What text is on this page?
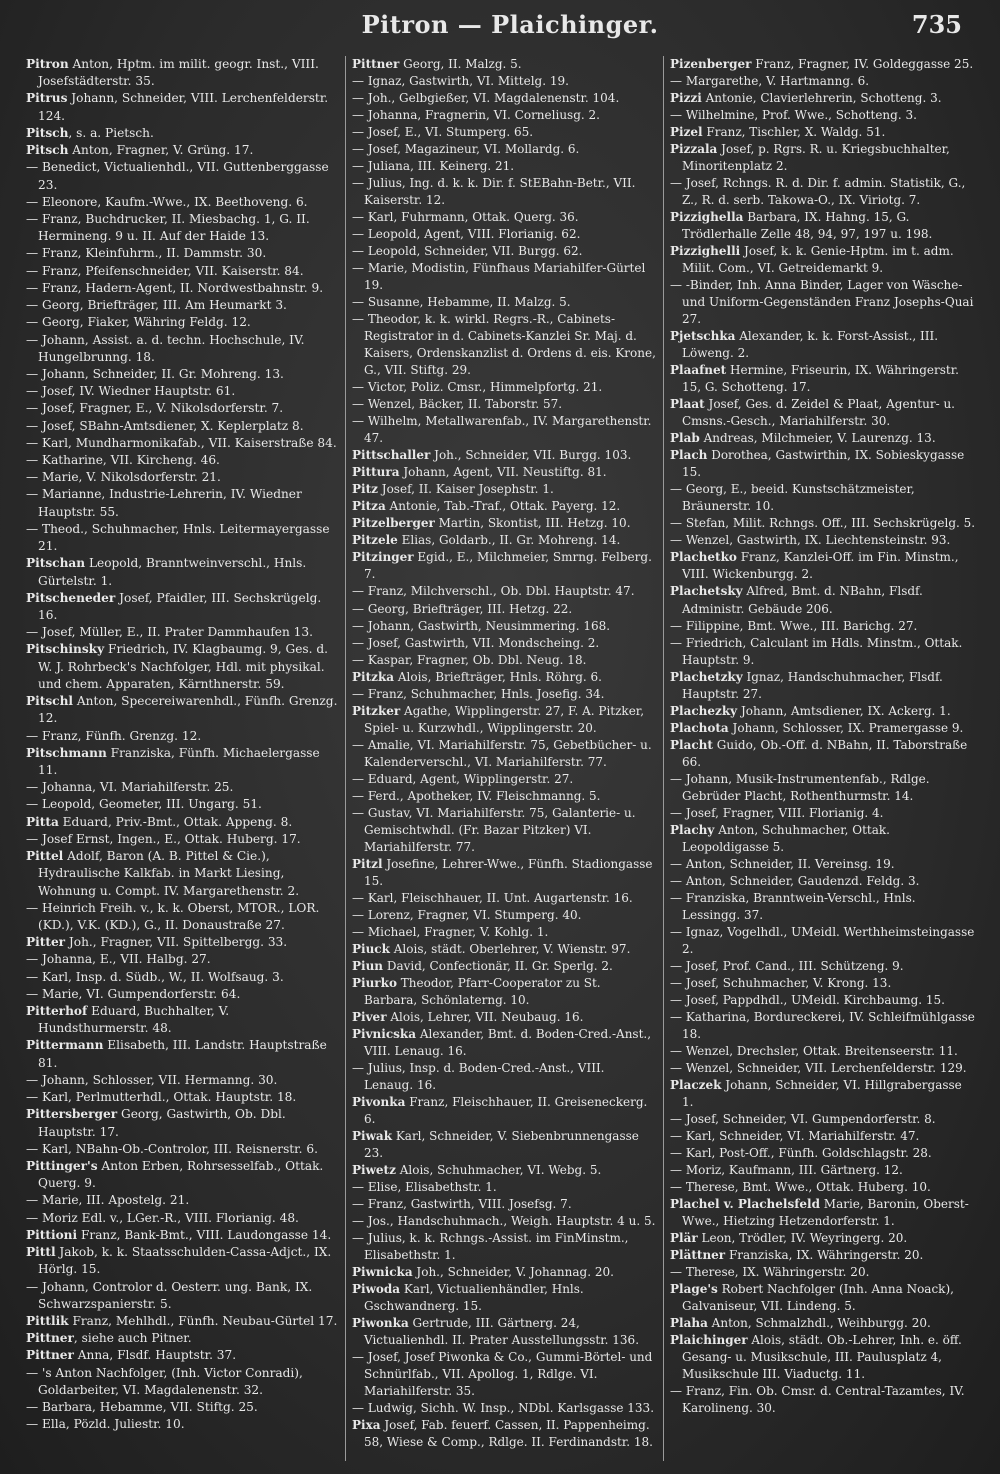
Pitron — Plaichinger.	735

Pitron Anton, Hptm. im milit. geogr. Inst., VIII. Josefstädterstr. 35.

Pitrus Johann, Schneider, VIII. Lerchenfelderstr. 124.

Pitsch, s. a. Pietsch.

Pitsch Anton, Fragner, V. Grüng. 17.

— Benedict, Victualienhdl., VII. Guttenberggasse 23.

— Eleonore, Kaufm.-Wwe., IX. Beethoveng. 6.

— Franz, Buchdrucker, II. Miesbachg. 1, G. II. Hermineng. 9 u. II. Auf der Haide 13.

— Franz, Kleinfuhrm., II. Dammstr. 30.

— Franz, Pfeifenschneider, VII. Kaiserstr. 84.

— Franz, Hadern-Agent, II. Nordwestbahnstr. 9.

— Georg, Briefträger, III. Am Heumarkt 3.

— Georg, Fiaker, Währing Feldg. 12.

— Johann, Assist. a. d. techn. Hochschule, IV. Hungelbrunng. 18.

— Johann, Schneider, II. Gr. Mohreng. 13.

— Josef, IV. Wiedner Hauptstr. 61.

— Josef, Fragner, E., V. Nikolsdorferstr. 7.

— Josef, SBahn-Amtsdiener, X. Keplerplatz 8.

— Karl, Mundharmonikafab., VII. Kaiserstraße 84.

— Katharine, VII. Kircheng. 46.

— Marie, V. Nikolsdorferstr. 21.

— Marianne, Industrie-Lehrerin, IV. Wiedner Hauptstr. 55.

— Theod., Schuhmacher, Hnls. Leitermayergasse 21.

Pitschan Leopold, Branntweinverschl., Hnls. Gürtelstr. 1.

Pitscheneder Josef, Pfaidler, III. Sechskrügelg. 16.

— Josef, Müller, E., II. Prater Dammhaufen 13.

Pitschinsky Friedrich, IV. Klagbaumg. 9, Ges. d. W. J. Rohrbeck's Nachfolger, Hdl. mit physikal. und chem. Apparaten, Kärnthnerstr. 59.

Pitschl Anton, Specereiwarenhdl., Fünfh. Grenzg. 12.

— Franz, Fünfh. Grenzg. 12.

Pitschmann Franziska, Fünfh. Michaelergasse 11.

— Johanna, VI. Mariahilferstr. 25.

— Leopold, Geometer, III. Ungarg. 51.

Pitta Eduard, Priv.-Bmt., Ottak. Appeng. 8.

— Josef Ernst, Ingen., E., Ottak. Huberg. 17.

Pittel Adolf, Baron (A. B. Pittel & Cie.), Hydraulische Kalkfab. in Markt Liesing, Wohnung u. Compt. IV. Margarethenstr. 2.

— Heinrich Freih. v., k. k. Oberst, MTOR., LOR. (KD.), V.K. (KD.), G., II. Donaustraße 27.

Pitter Joh., Fragner, VII. Spittelbergg. 33.

— Johanna, E., VII. Halbg. 27.

— Karl, Insp. d. Südb., W., II. Wolfsaug. 3.

— Marie, VI. Gumpendorferstr. 64.

Pitterhof Eduard, Buchhalter, V. Hundsthurmerstr. 48.

Pittermann Elisabeth, III. Landstr. Hauptstraße 81.

— Johann, Schlosser, VII. Hermanng. 30.

— Karl, Perlmutterhdl., Ottak. Hauptstr. 18.

Pittersberger Georg, Gastwirth, Ob. Dbl. Hauptstr. 17.

— Karl, NBahn-Ob.-Controlor, III. Reisnerstr. 6.

Pittinger's Anton Erben, Rohrsesselfab., Ottak. Querg. 9.

— Marie, III. Apostelg. 21.

— Moriz Edl. v., LGer.-R., VIII. Florianig. 48.

Pittioni Franz, Bank-Bmt., VIII. Laudongasse 14.

Pittl Jakob, k. k. Staatsschulden-Cassa-Adjct., IX. Hörlg. 15.

— Johann, Controlor d. Oesterr. ung. Bank, IX. Schwarzspanierstr. 5.

Pittlik Franz, Mehlhdl., Fünfh. Neubau-Gürtel 17.

Pittner, siehe auch Pitner.

Pittner Anna, Flsdf. Hauptstr. 37.

— 's Anton Nachfolger, (Inh. Victor Conradi), Goldarbeiter, VI. Magdalenenstr. 32.

— Barbara, Hebamme, VII. Stiftg. 25.

— Ella, Pözld. Juliestr. 10.

Pittner Georg, II. Malzg. 5.

— Ignaz, Gastwirth, VI. Mittelg. 19.

— Joh., Gelbgießer, VI. Magdalenenstr. 104.

— Johanna, Fragnerin, VI. Corneliusg. 2.

— Josef, E., VI. Stumperg. 65.

— Josef, Magazineur, VI. Mollardg. 6.

— Juliana, III. Keinerg. 21.

— Julius, Ing. d. k. k. Dir. f. StEBahn-Betr., VII. Kaiserstr. 12.

— Karl, Fuhrmann, Ottak. Querg. 36.

— Leopold, Agent, VIII. Florianig. 62.

— Leopold, Schneider, VII. Burgg. 62.

— Marie, Modistin, Fünfhaus Mariahilfer-Gürtel 19.

— Susanne, Hebamme, II. Malzg. 5.

— Theodor, k. k. wirkl. Regrs.-R., Cabinets-Registrator in d. Cabinets-Kanzlei Sr. Maj. d. Kaisers, Ordenskanzlist d. Ordens d. eis. Krone, G., VII. Stiftg. 29.

— Victor, Poliz. Cmsr., Himmelpfortg. 21.

— Wenzel, Bäcker, II. Taborstr. 57.

— Wilhelm, Metallwarenfab., IV. Margarethenstr. 47.

Pittschaller Joh., Schneider, VII. Burgg. 103.

Pittura Johann, Agent, VII. Neustiftg. 81.

Pitz Josef, II. Kaiser Josephstr. 1.

Pitza Antonie, Tab.-Traf., Ottak. Payerg. 12.

Pitzelberger Martin, Skontist, III. Hetzg. 10.

Pitzele Elias, Goldarb., II. Gr. Mohreng. 14.

Pitzinger Egid., E., Milchmeier, Smrng. Felberg. 7.

— Franz, Milchverschl., Ob. Dbl. Hauptstr. 47.

— Georg, Briefträger, III. Hetzg. 22.

— Johann, Gastwirth, Neusimmering. 168.

— Josef, Gastwirth, VII. Mondscheing. 2.

— Kaspar, Fragner, Ob. Dbl. Neug. 18.

Pitzka Alois, Briefträger, Hnls. Röhrg. 6.

— Franz, Schuhmacher, Hnls. Josefig. 34.

Pitzker Agathe, Wipplingerstr. 27, F. A. Pitzker, Spiel- u. Kurzwhdl., Wipplingerstr. 20.

— Amalie, VI. Mariahilferstr. 75, Gebetbücher- u. Kalenderverschl., VI. Mariahilferstr. 77.

— Eduard, Agent, Wipplingerstr. 27.

— Ferd., Apotheker, IV. Fleischmanng. 5.

— Gustav, VI. Mariahilferstr. 75, Galanterie- u. Gemischtwhdl. (Fr. Bazar Pitzker) VI. Mariahilferstr. 77.

Pitzl Josefine, Lehrer-Wwe., Fünfh. Stadiongasse 15.

— Karl, Fleischhauer, II. Unt. Augartenstr. 16.

— Lorenz, Fragner, VI. Stumperg. 40.

— Michael, Fragner, V. Kohlg. 1.

Piuck Alois, städt. Oberlehrer, V. Wienstr. 97.

Piun David, Confectionär, II. Gr. Sperlg. 2.

Piurko Theodor, Pfarr-Cooperator zu St. Barbara, Schönlaterng. 10.

Piver Alois, Lehrer, VII. Neubaug. 16.

Pivnicska Alexander, Bmt. d. Boden-Cred.-Anst., VIII. Lenaug. 16.

— Julius, Insp. d. Boden-Cred.-Anst., VIII. Lenaug. 16.

Pivonka Franz, Fleischhauer, II. Greiseneckerg. 6.

Piwak Karl, Schneider, V. Siebenbrunnengasse 23.

Piwetz Alois, Schuhmacher, VI. Webg. 5.

— Elise, Elisabethstr. 1.

— Franz, Gastwirth, VIII. Josefsg. 7.

— Jos., Handschuhmach., Weigh. Hauptstr. 4 u. 5.

— Julius, k. k. Rchngs.-Assist. im FinMinstm., Elisabethstr. 1.

Piwnicka Joh., Schneider, V. Johannag. 20.

Piwoda Karl, Victualienhändler, Hnls. Gschwandnerg. 15.

Piwonka Gertrude, III. Gärtnerg. 24, Victualienhdl. II. Prater Ausstellungsstr. 136.

— Josef, Josef Piwonka & Co., Gummi-Börtel- und Schnürlfab., VII. Apollog. 1, Rdlge. VI. Mariahilferstr. 35.

— Ludwig, Sichh. W. Insp., NDbl. Karlsgasse 133.

Pixa Josef, Fab. feuerf. Cassen, II. Pappenheimg. 58, Wiese & Comp., Rdlge. II. Ferdinandstr. 18.

Pizenberger Franz, Fragner, IV. Goldeggasse 25.

— Margarethe, V. Hartmanng. 6.

Pizzi Antonie, Clavierlehrerin, Schotteng. 3.

— Wilhelmine, Prof. Wwe., Schotteng. 3.

Pizel Franz, Tischler, X. Waldg. 51.

Pizzala Josef, p. Rgrs. R. u. Kriegsbuchhalter, Minoritenplatz 2.

— Josef, Rchngs. R. d. Dir. f. admin. Statistik, G., Z., R. d. serb. Takowa-O., IX. Viriotg. 7.

Pizzighella Barbara, IX. Hahng. 15, G. Trödlerhalle Zelle 48, 94, 97, 197 u. 198.

Pizzighelli Josef, k. k. Genie-Hptm. im t. adm. Milit. Com., VI. Getreidemarkt 9.

— -Binder, Inh. Anna Binder, Lager von Wäsche- und Uniform-Gegenständen Franz Josephs-Quai 27.

Pjetschka Alexander, k. k. Forst-Assist., III. Löweng. 2.

Plaafnet Hermine, Friseurin, IX. Währingerstr. 15, G. Schotteng. 17.

Plaat Josef, Ges. d. Zeidel & Plaat, Agentur- u. Cmsns.-Gesch., Mariahilferstr. 30.

Plab Andreas, Milchmeier, V. Laurenzg. 13.

Plach Dorothea, Gastwirthin, IX. Sobieskygasse 15.

— Georg, E., beeid. Kunstschätzmeister, Bräunerstr. 10.

— Stefan, Milit. Rchngs. Off., III. Sechskrügelg. 5.

— Wenzel, Gastwirth, IX. Liechtensteinstr. 93.

Plachetko Franz, Kanzlei-Off. im Fin. Minstm., VIII. Wickenburgg. 2.

Plachetsky Alfred, Bmt. d. NBahn, Flsdf. Administr. Gebäude 206.

— Filippine, Bmt. Wwe., III. Barichg. 27.

— Friedrich, Calculant im Hdls. Minstm., Ottak. Hauptstr. 9.

Plachetzky Ignaz, Handschuhmacher, Flsdf. Hauptstr. 27.

Plachezky Johann, Amtsdiener, IX. Ackerg. 1.

Plachota Johann, Schlosser, IX. Pramergasse 9.

Placht Guido, Ob.-Off. d. NBahn, II. Taborstraße 66.

— Johann, Musik-Instrumentenfab., Rdlge. Gebrüder Placht, Rothenthurmstr. 14.

— Josef, Fragner, VIII. Florianig. 4.

Plachy Anton, Schuhmacher, Ottak. Leopoldigasse 5.

— Anton, Schneider, II. Vereinsg. 19.

— Anton, Schneider, Gaudenzd. Feldg. 3.

— Franziska, Branntwein-Verschl., Hnls. Lessingg. 37.

— Ignaz, Vogelhdl., UMeidl. Werthheimsteingasse 2.

— Josef, Prof. Cand., III. Schützeng. 9.

— Josef, Schuhmacher, V. Krong. 13.

— Josef, Pappdhdl., UMeidl. Kirchbaumg. 15.

— Katharina, Bordureckerei, IV. Schleifmühlgasse 18.

— Wenzel, Drechsler, Ottak. Breitenseerstr. 11.

— Wenzel, Schneider, VII. Lerchenfelderstr. 129.

Placzek Johann, Schneider, VI. Hillgrabergasse 1.

— Josef, Schneider, VI. Gumpendorferstr. 8.

— Karl, Schneider, VI. Mariahilferstr. 47.

— Karl, Post-Off., Fünfh. Goldschlagstr. 28.

— Moriz, Kaufmann, III. Gärtnerg. 12.

— Therese, Bmt. Wwe., Ottak. Huberg. 10.

Plachel v. Plachelsfeld Marie, Baronin, Oberst-Wwe., Hietzing Hetzendorferstr. 1.

Plär Leon, Trödler, IV. Weyringerg. 20.

Plättner Franziska, IX. Währingerstr. 20.

— Therese, IX. Währingerstr. 20.

Plage's Robert Nachfolger (Inh. Anna Noack), Galvaniseur, VII. Lindeng. 5.

Plaha Anton, Schmalzhdl., Weihburgg. 20.

Plaichinger Alois, städt. Ob.-Lehrer, Inh. e. öff. Gesang- u. Musikschule, III. Paulusplatz 4, Musikschule III. Viaductg. 11.

— Franz, Fin. Ob. Cmsr. d. Central-Tazamtes, IV. Karolineng. 30.
